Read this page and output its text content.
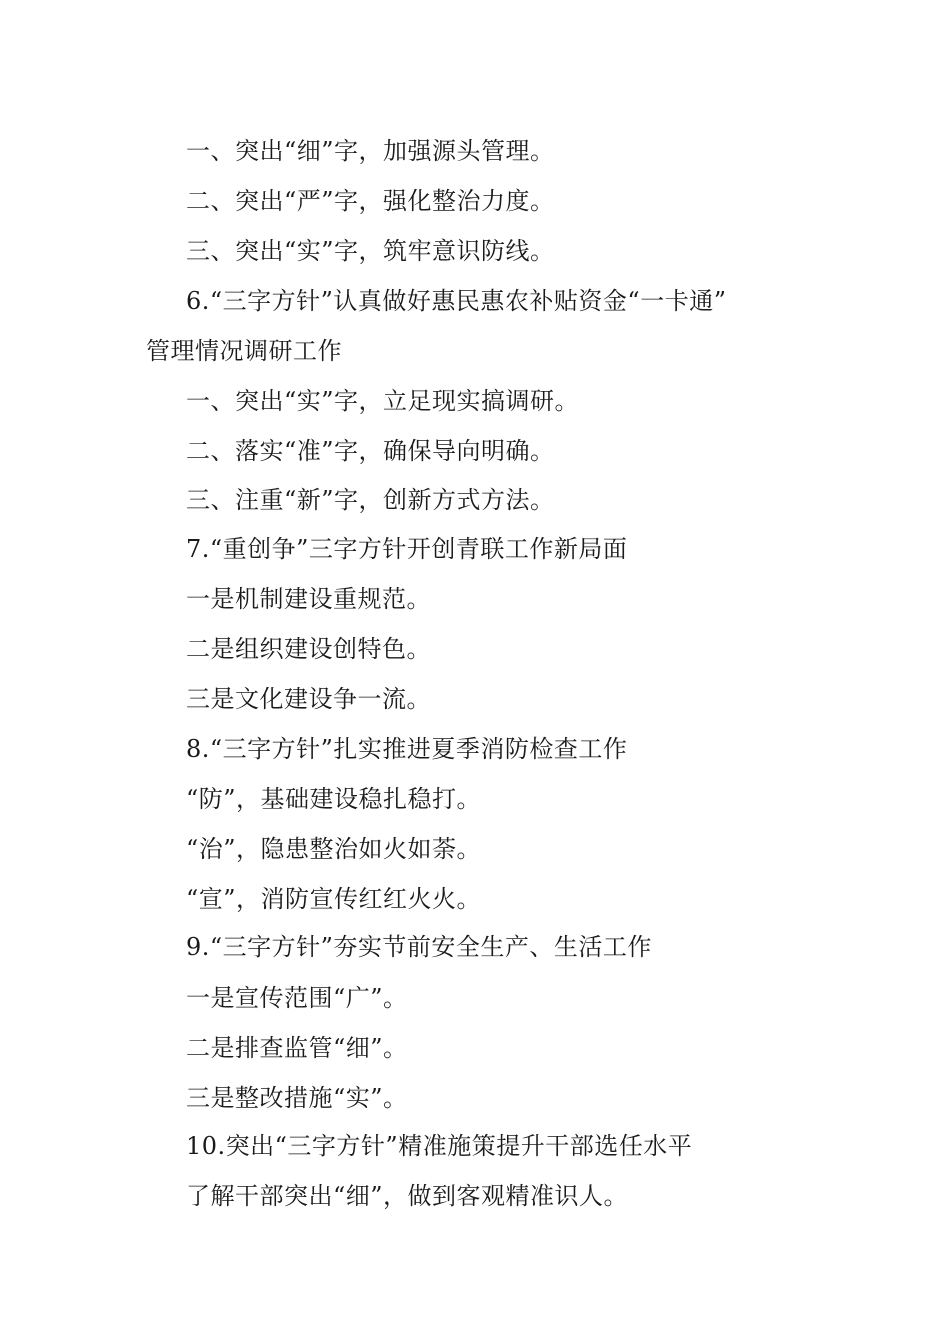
一、突出“细”字，加强源头管理。
二、突出“严”字，强化整治力度。
三、突出“实”字，筑牢意识防线。
6.“三字方针”认真做好惠民惠农补贴资金“一卡通”
管理情况调研工作
一、突出“实”字，立足现实搞调研。
二、落实“准”字，确保导向明确。
三、注重“新”字，创新方式方法。
7.“重创争”三字方针开创青联工作新局面
一是机制建设重规范。
二是组织建设创特色。
三是文化建设争一流。
8.“三字方针”扎实推进夏季消防检查工作
“防”，基础建设稳扎稳打。
“治”，隐患整治如火如荼。
“宣”，消防宣传红红火火。
9.“三字方针”夯实节前安全生产、生活工作
一是宣传范围“广”。
二是排查监管“细”。
三是整改措施“实”。
10.突出“三字方针”精准施策提升干部选任水平
了解干部突出“细”，做到客观精准识人。
